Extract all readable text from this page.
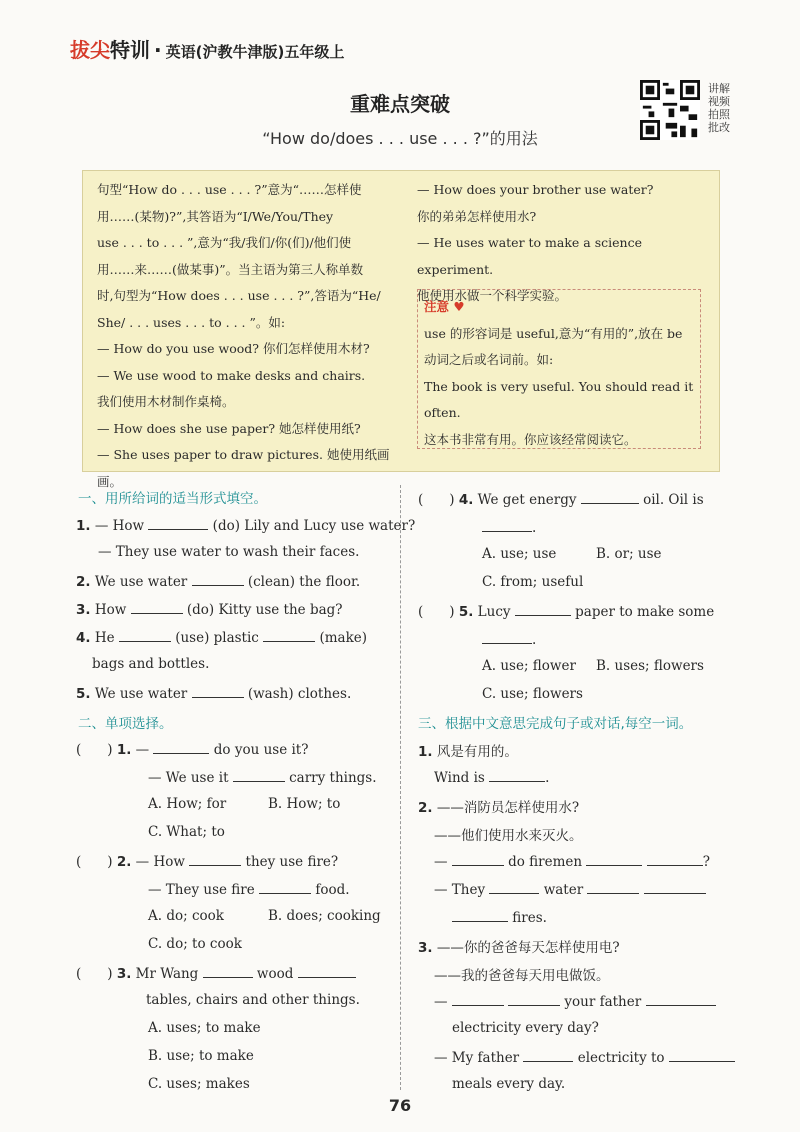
拔尖特训 · 英语(沪教牛津版)五年级上
重难点突破
“How do/does . . . use . . . ?”的用法
讲解
视频
拍照
批改

句型“How do . . . use . . . ?”意为“……怎样使

用……(某物)?”,其答语为“I/We/You/They

use . . . to . . . ”,意为“我/我们/你(们)/他们使

用……来……(做某事)”。当主语为第三人称单数

时,句型为“How does . . . use . . . ?”,答语为“He/

She/ . . . uses . . . to . . . ”。如:

— How do you use wood? 你们怎样使用木材?

— We use wood to make desks and chairs.

我们使用木材制作桌椅。

— How does she use paper? 她怎样使用纸?

— She uses paper to draw pictures. 她使用纸画画。

— How does your brother use water?

你的弟弟怎样使用水?

— He uses water to make a science experiment.

他使用水做一个科学实验。

注意 ♥

use 的形容词是 useful,意为“有用的”,放在 be

动词之后或名词前。如:

The book is very useful. You should read it

often.

这本书非常有用。你应该经常阅读它。

一、用所给词的适当形式填空。
1. — How	(do) Lily and Lucy use water?
— They use water to wash their faces.
2. We use water	(clean) the floor.
3. How	(do) Kitty use the bag?
4. He	(use) plastic	(make)
bags and bottles.
5. We use water	(wash) clothes.
二、单项选择。
( ) 1. —	do you use it?
— We use it	carry things.
A. How; for	B. How; to
C. What; to
( ) 2. — How	they use fire?
— They use fire	food.
A. do; cook	B. does; cooking
C. do; to cook
( ) 3. Mr Wang	wood
tables, chairs and other things.
A. uses; to make
B. use; to make
C. uses; makes
( ) 4. We get energy	oil. Oil is
.
A. use; use	B. or; use
C. from; useful
( ) 5. Lucy	paper to make some
.
A. use; flower B. uses; flowers
C. use; flowers
三、根据中文意思完成句子或对话,每空一词。
1. 风是有用的。
Wind is	.
2. ——消防员怎样使用水?
——他们使用水来灭火。
—	do firemen	?
— They	water
fires.
3. ——你的爸爸每天怎样使用电?
——我的爸爸每天用电做饭。
—	your father
electricity every day?
— My father	electricity to
meals every day.
76
